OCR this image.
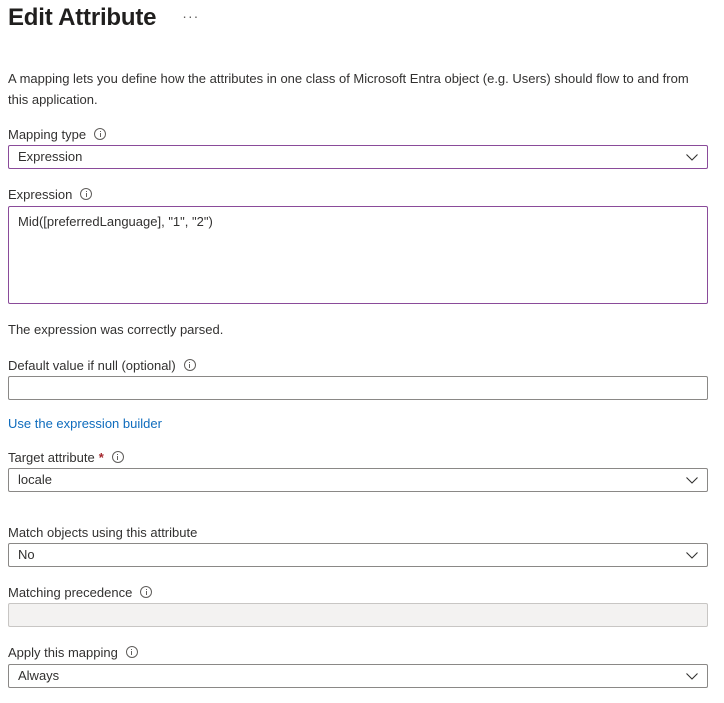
Edit Attribute ···
A mapping lets you define how the attributes in one class of Microsoft Entra object (e.g. Users) should flow to and from this application.
Mapping type
Expression
Expression
Mid([preferredLanguage], "1", "2")
The expression was correctly parsed.
Default value if null (optional)
Use the expression builder
Target attribute *
locale
Match objects using this attribute
No
Matching precedence
Apply this mapping
Always
